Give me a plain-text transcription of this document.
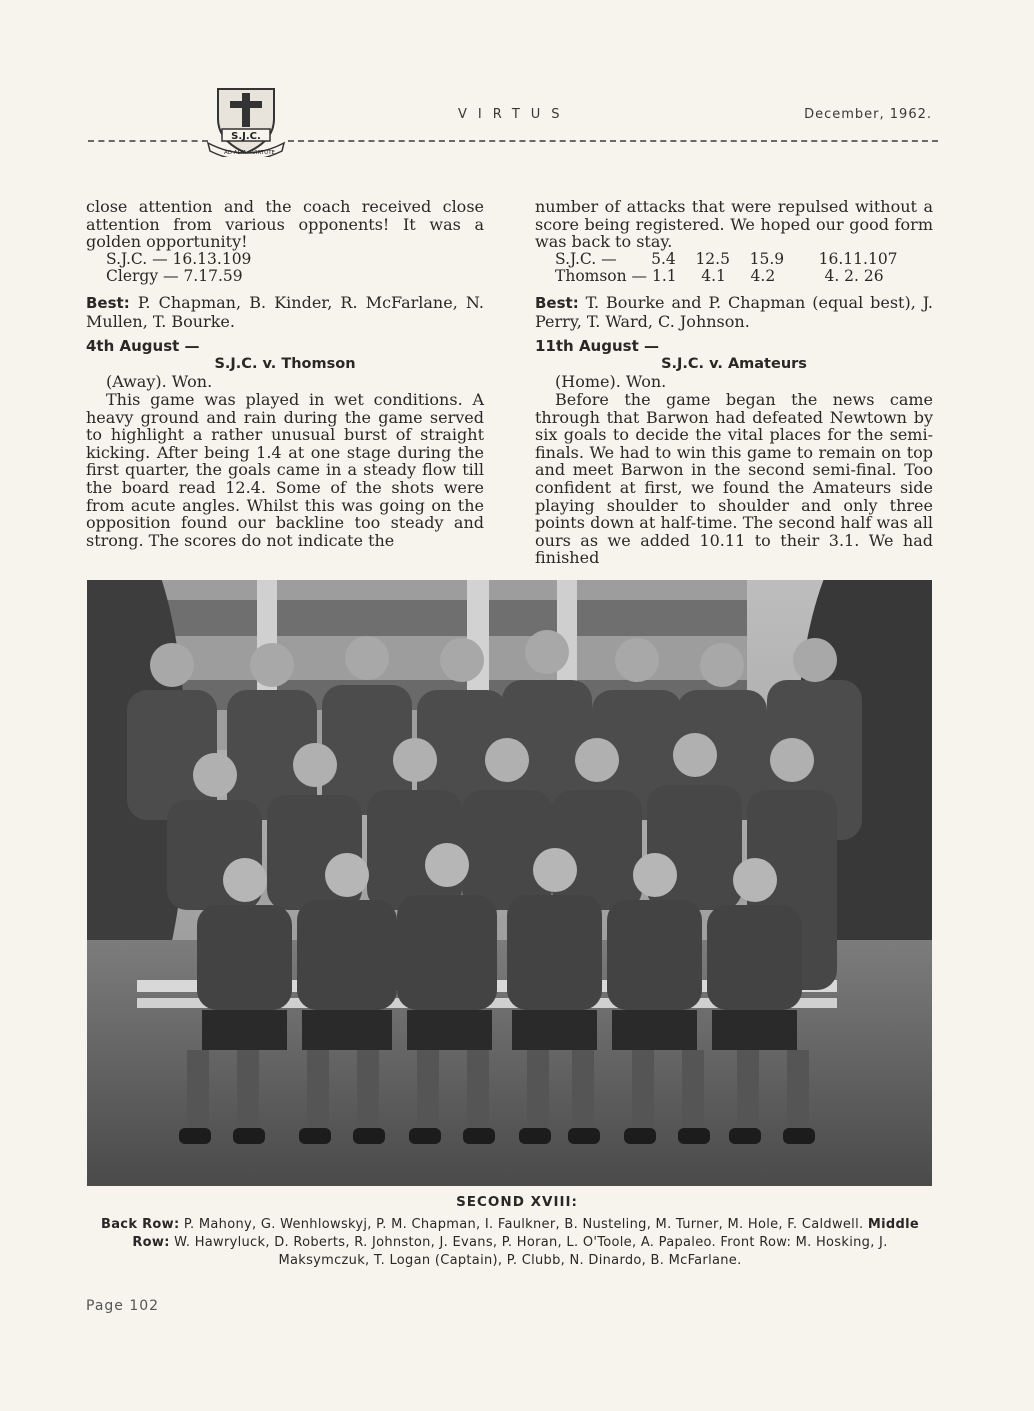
S.J.C.
AD ALTA VIRTUTE
VIRTUS	December, 1962.

close attention and the coach received close attention from various opponents! It was a golden opportunity!

S.J.C. — 16.13.109

Clergy — 7.17.59

Best: P. Chapman, B. Kinder, R. McFarlane, N. Mullen, T. Bourke.

4th August —

S.J.C. v. Thomson

(Away). Won.

This game was played in wet conditions. A heavy ground and rain during the game served to highlight a rather unusual burst of straight kicking. After being 1.4 at one stage during the first quarter, the goals came in a steady flow till the board read 12.4. Some of the shots were from acute angles. Whilst this was going on the opposition found our backline too steady and strong. The scores do not indicate the

number of attacks that were repulsed without a score being registered. We hoped our good form was back to stay.

S.J.C. —       5.4    12.5    15.9       16.11.107

Thomson — 1.1     4.1     4.2          4. 2. 26

Best: T. Bourke and P. Chapman (equal best), J. Perry, T. Ward, C. Johnson.

11th August —

S.J.C. v. Amateurs

(Home). Won.

Before the game began the news came through that Barwon had defeated Newtown by six goals to decide the vital places for the semi-finals. We had to win this game to remain on top and meet Barwon in the second semi-final. Too confident at first, we found the Amateurs side playing shoulder to shoulder and only three points down at half-time. The second half was all ours as we added 10.11 to their 3.1. We had finished

SECOND XVIII:
Back Row: P. Mahony, G. Wenhlowskyj, P. M. Chapman, I. Faulkner, B. Nusteling, M. Turner, M. Hole, F. Caldwell. Middle Row: W. Hawryluck, D. Roberts, R. Johnston, J. Evans, P. Horan, L. O'Toole, A. Papaleo. Front Row: M. Hosking, J. Maksymczuk, T. Logan (Captain), P. Clubb, N. Dinardo, B. McFarlane.
Page 102
